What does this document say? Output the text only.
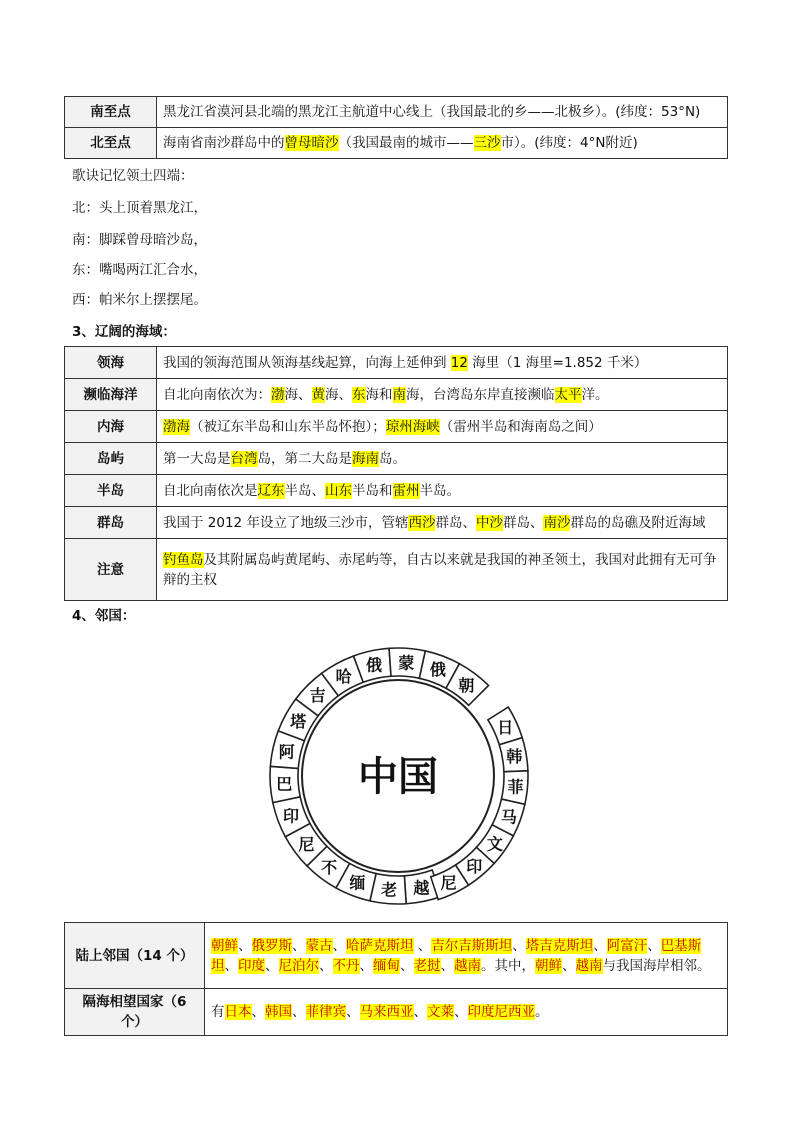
南至点	黑龙江省漠河县北端的黑龙江主航道中心线上（我国最北的乡——北极乡）。(纬度：53°N)
北至点	海南省南沙群岛中的曾母暗沙（我国最南的城市——三沙市）。(纬度：4°N附近)
歌诀记忆领土四端：
北：头上顶着黑龙江，
南：脚踩曾母暗沙岛，
东：嘴喝两江汇合水，
西：帕米尔上摆摆尾。
3、辽阔的海域：
领海	我国的领海范围从领海基线起算，向海上延伸到 12 海里（1 海里=1.852 千米）
濒临海洋	自北向南依次为：渤海、黄海、东海和南海，台湾岛东岸直接濒临太平洋。
内海	渤海（被辽东半岛和山东半岛怀抱）；琼州海峡（雷州半岛和海南岛之间）
岛屿	第一大岛是台湾岛，第二大岛是海南岛。
半岛	自北向南依次是辽东半岛、山东半岛和雷州半岛。
群岛	我国于 2012 年设立了地级三沙市，管辖西沙群岛、中沙群岛、南沙群岛的岛礁及附近海域
注意	钓鱼岛及其附属岛屿黄尾屿、赤尾屿等，自古以来就是我国的神圣领土，我国对此拥有无可争辩的主权
4、邻国：
越
老
缅
不
尼
印
巴
阿
塔
吉
哈
俄 蒙 俄
朝
日
韩
菲
马
文
印
尼
中国
陆上邻国（14 个）	朝鲜、俄罗斯、蒙古、哈萨克斯坦 、吉尔吉斯斯坦、塔吉克斯坦、阿富汗、巴基斯坦、印度、尼泊尔、不丹、缅甸、老挝、越南。其中，朝鲜、越南与我国海岸相邻。
隔海相望国家（6 个）	有日本、韩国、菲律宾、马来西亚、文莱、印度尼西亚。
